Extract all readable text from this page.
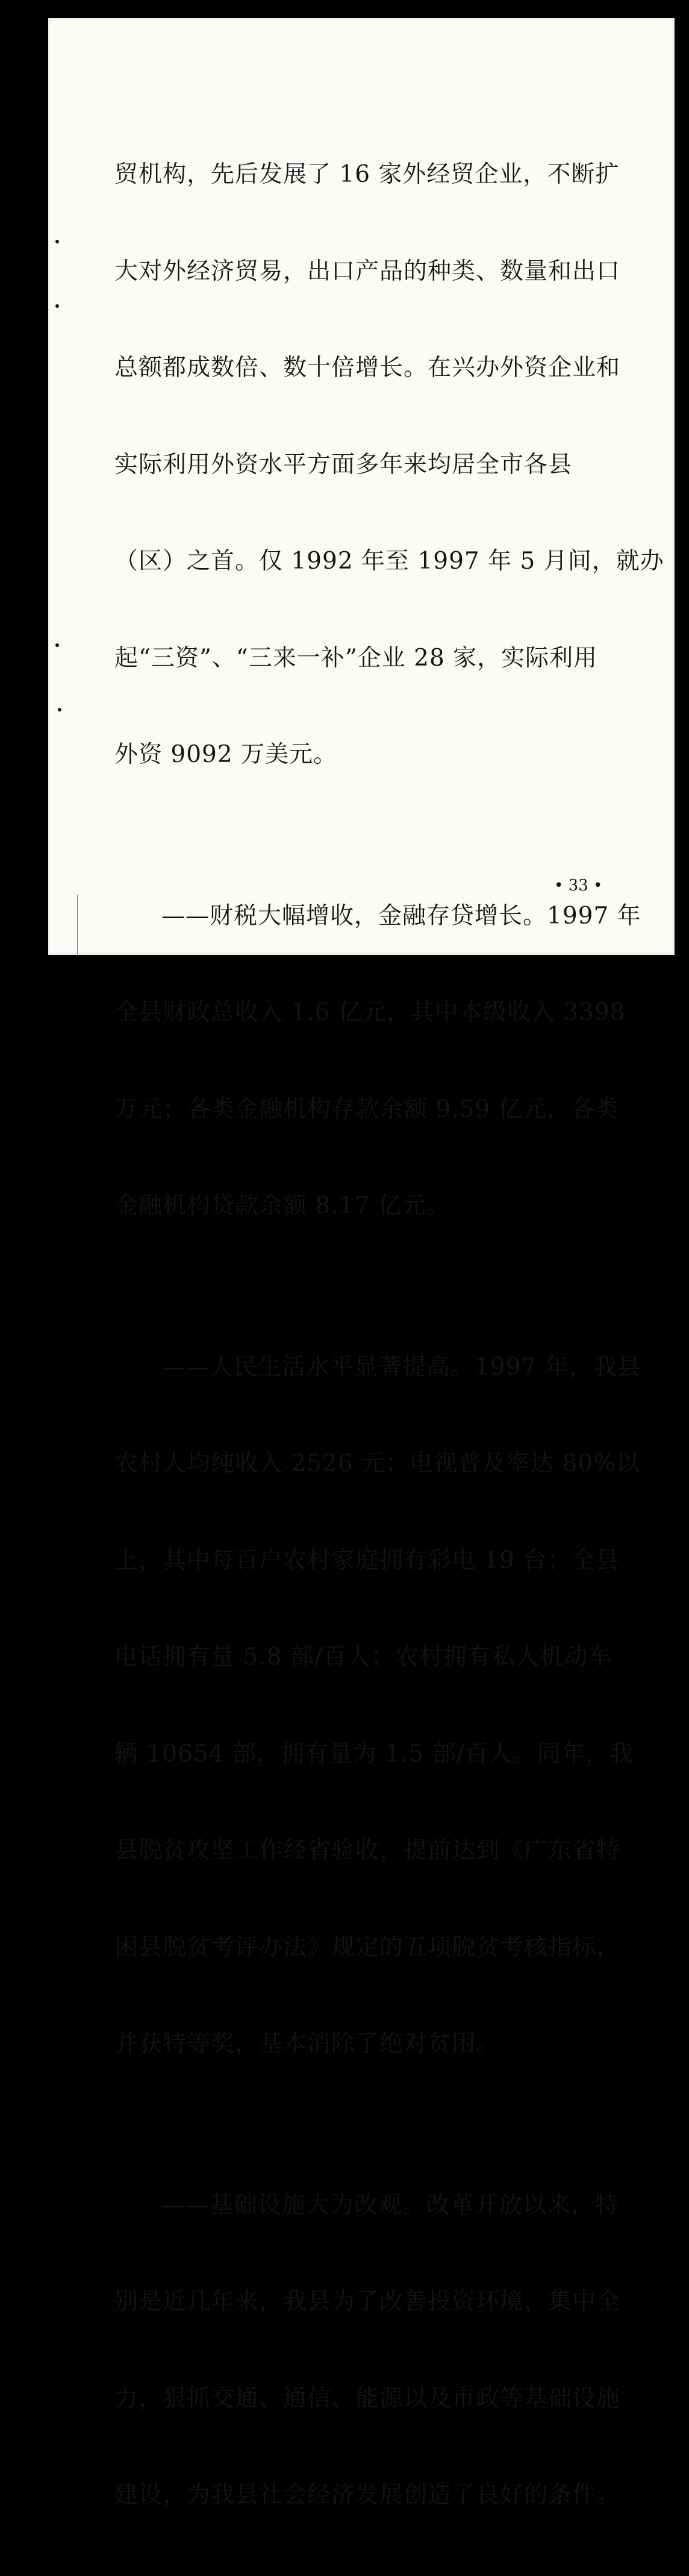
贸机构，先后发展了 16 家外经贸企业，不断扩

大对外经济贸易，出口产品的种类、数量和出口

总额都成数倍、数十倍增长。在兴办外资企业和

实际利用外资水平方面多年来均居全市各县

（区）之首。仅 1992 年至 1997 年 5 月间，就办

起“三资”、“三来一补”企业 28 家，实际利用

外资 9092 万美元。

——财税大幅增收，金融存贷增长。1997 年

全县财政总收入 1.6 亿元，其中本级收入 3398

万元；各类金融机构存款余额 9.59 亿元，各类

金融机构贷款余额 8.17 亿元。

——人民生活水平显著提高。1997 年，我县

农村人均纯收入 2526 元；电视普及率达 80%以

上，其中每百户农村家庭拥有彩电 19 台；全县

电话拥有量 5.8 部/百人；农村拥有私人机动车

辆 10654 部，拥有量为 1.5 部/百人。同年，我

县脱贫攻坚工作经省验收，提前达到《广东省特

困县脱贫考评办法》规定的五项脱贫考核指标，

并获特等奖，基本消除了绝对贫困。

——基础设施大为改观。改革开放以来，特

别是近几年来，我县为了改善投资环境，集中全

力，狠抓交通、通信、能源以及市政等基础设施

建设，为我县社会经济发展创造了良好的条件。

• 33 •
